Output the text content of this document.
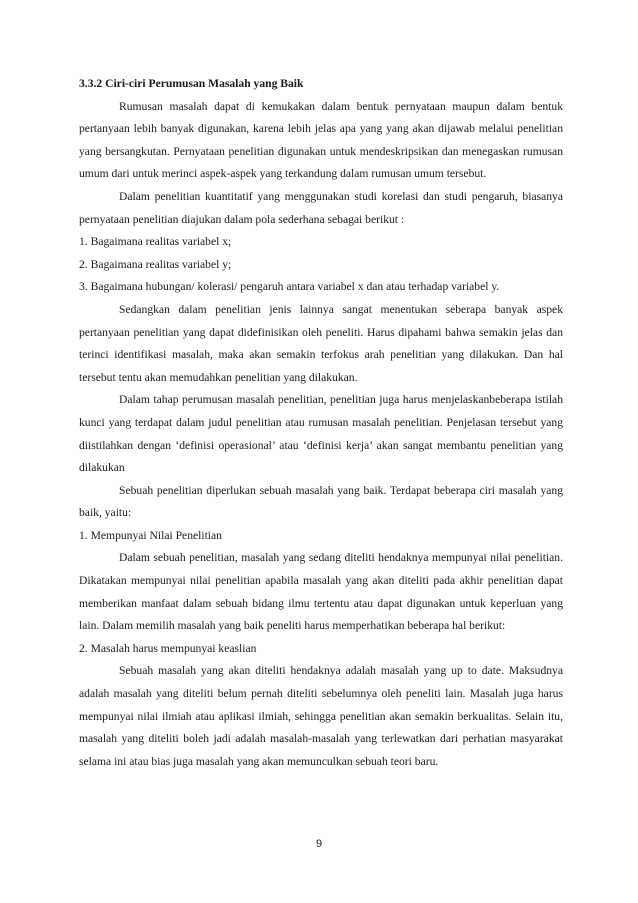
3.3.2 Ciri-ciri Perumusan Masalah yang Baik

Rumusan masalah dapat di kemukakan dalam bentuk pernyataan maupun dalam bentuk pertanyaan lebih banyak digunakan, karena lebih jelas apa yang yang akan dijawab melalui penelitian yang bersangkutan. Pernyataan penelitian digunakan untuk mendeskripsikan dan menegaskan rumusan umum dari untuk merinci aspek-aspek yang terkandung dalam rumusan umum tersebut.

Dalam penelitian kuantitatif yang menggunakan studi korelasi dan studi pengaruh, biasanya pernyataan penelitian diajukan dalam pola sederhana sebagai berikut :

1. Bagaimana realitas variabel x;

2. Bagaimana realitas variabel y;

3. Bagaimana hubungan/ kolerasi/ pengaruh antara variabel x dan atau terhadap variabel y.

Sedangkan dalam penelitian jenis lainnya sangat menentukan seberapa banyak aspek pertanyaan penelitian yang dapat didefinisikan oleh peneliti. Harus dipahami bahwa semakin jelas dan terinci identifikasi masalah, maka akan semakin terfokus arah penelitian yang dilakukan. Dan hal tersebut tentu akan memudahkan penelitian yang dilakukan.

Dalam tahap perumusan masalah penelitian, penelitian juga harus menjelaskanbeberapa istilah kunci yang terdapat dalam judul penelitian atau rumusan masalah penelitian. Penjelasan tersebut yang diistilahkan dengan ‘definisi operasional’ atau ‘definisi kerja’ akan sangat membantu penelitian yang dilakukan

Sebuah penelitian diperlukan sebuah masalah yang baik. Terdapat beberapa ciri masalah yang baik, yaitu:

1. Mempunyai Nilai Penelitian

Dalam sebuah penelitian, masalah yang sedang diteliti hendaknya mempunyai nilai penelitian. Dikatakan mempunyai nilai penelitian apabila masalah yang akan diteliti pada akhir penelitian dapat memberikan manfaat dalam sebuah bidang ilmu tertentu atau dapat digunakan untuk keperluan yang lain. Dalam memilih masalah yang baik peneliti harus memperhatikan beberapa hal berikut:

2. Masalah harus mempunyai keaslian

Sebuah masalah yang akan diteliti hendaknya adalah masalah yang up to date. Maksudnya adalah masalah yang diteliti belum pernah diteliti sebelumnya oleh peneliti lain. Masalah juga harus mempunyai nilai ilmiah atau aplikasi ilmiah, sehingga penelitian akan semakin berkualitas. Selain itu, masalah yang diteliti boleh jadi adalah masalah-masalah yang terlewatkan dari perhatian masyarakat selama ini atau bias juga masalah yang akan memunculkan sebuah teori baru.

9
